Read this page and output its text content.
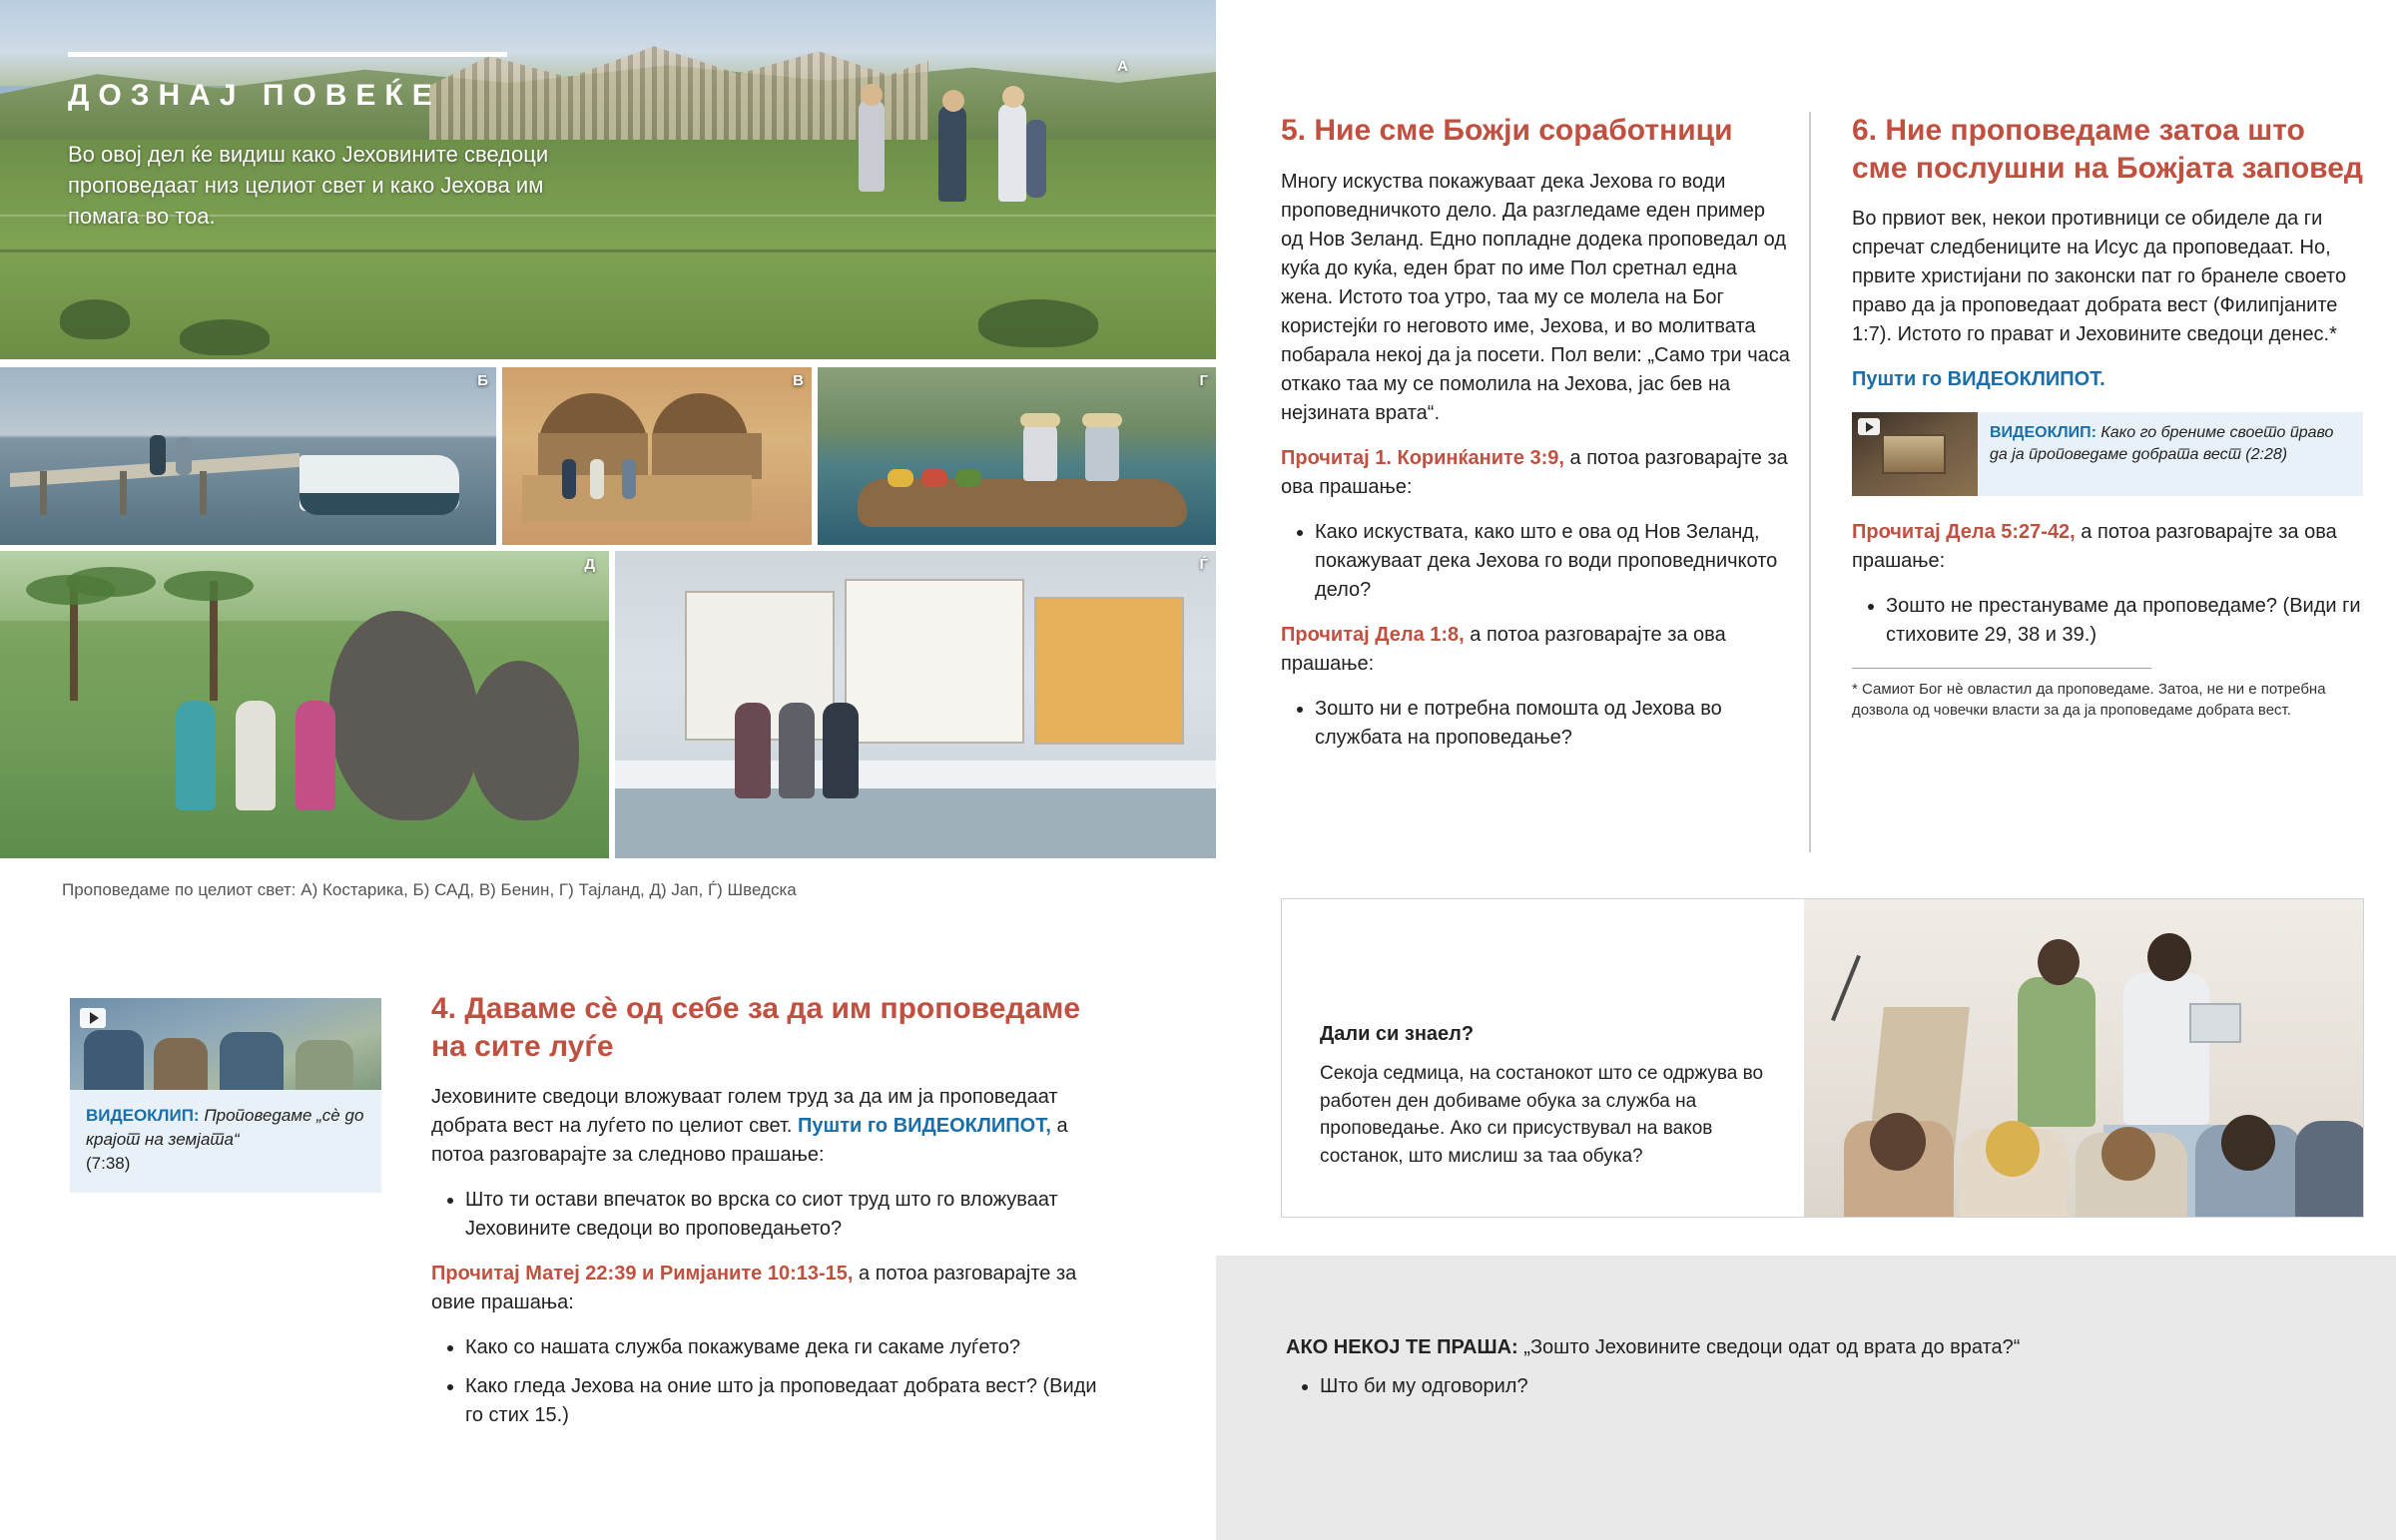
ДОЗНАЈ ПОВЕЌЕ

Во овој дел ќе видиш како Јеховините сведоци проповедаат низ целиот свет и како Јехова им помага во тоа.

А
Б	В	Г
Д	Ѓ
Проповедаме по целиот свет: А) Костарика, Б) САД, В) Бенин, Г) Тајланд, Д) Јап, Ѓ) Шведска
ВИДЕОКЛИП: Проповедаме „сѐ до крајот на земјата“
(7:38)
4. Даваме сѐ од себе за да им проповедаме на сите луѓе

Јеховините сведоци вложуваат голем труд за да им ја проповедаат добрата вест на луѓето по целиот свет. Пушти го ВИДЕОКЛИПОТ, а потоа разговарајте за следново прашање:

• Што ти остави впечаток во врска со сиот труд што го вложуваат Јеховините сведоци во проповедањето?

Прочитај Матеј 22:39 и Римјаните 10:13-15, а потоа разговарајте за овие прашања:

• Како со нашата служба покажуваме дека ги сакаме луѓето?
• Како гледа Јехова на оние што ја проповедаат добрата вест? (Види го стих 15.)
5. Ние сме Божји соработници

Многу искуства покажуваат дека Јехова го води проповедничкото дело. Да разгледаме еден пример од Нов Зеланд. Едно попладне додека проповедал од куќа до куќа, еден брат по име Пол сретнал една жена. Истото тоа утро, таа му се молела на Бог користејќи го неговото име, Јехова, и во молитвата побарала некој да ја посети. Пол вели: „Само три часа откако таа му се помолила на Јехова, јас бев на нејзината врата“.

Прочитај 1. Коринќаните 3:9, а потоа разговарајте за ова прашање:

• Како искуствата, како што е ова од Нов Зеланд, покажуваат дека Јехова го води проповедничкото дело?

Прочитај Дела 1:8, а потоа разговарајте за ова прашање:

• Зошто ни е потребна помошта од Јехова во службата на проповедање?
6. Ние проповедаме затоа што сме послушни на Божјата заповед

Во првиот век, некои противници се обиделе да ги спречат следбениците на Исус да проповедаат. Но, првите христијани по законски пат го бранеле своето право да ја проповедаат добрата вест (Филипјаните 1:7). Истото го прават и Јеховините сведоци денес.*

Пушти го ВИДЕОКЛИПОТ.

ВИДЕОКЛИП: Како го брениме своето право да ја проповедаме добрата вест (2:28)

Прочитај Дела 5:27-42, а потоа разговарајте за ова прашање:

• Зошто не престануваме да проповедаме? (Види ги стиховите 29, 38 и 39.)

* Самиот Бог нѐ овластил да проповедаме. Затоа, не ни е потребна дозвола од човечки власти за да ја проповедаме добрата вест.

Дали си знаел?

Секоја седмица, на состанокот што се одржува во работен ден добиваме обука за служба на проповедање. Ако си присуствувал на ваков состанок, што мислиш за таа обука?

АКО НЕКОЈ ТЕ ПРАША: „Зошто Јеховините сведоци одат од врата до врата?“

• Што би му одговорил?
